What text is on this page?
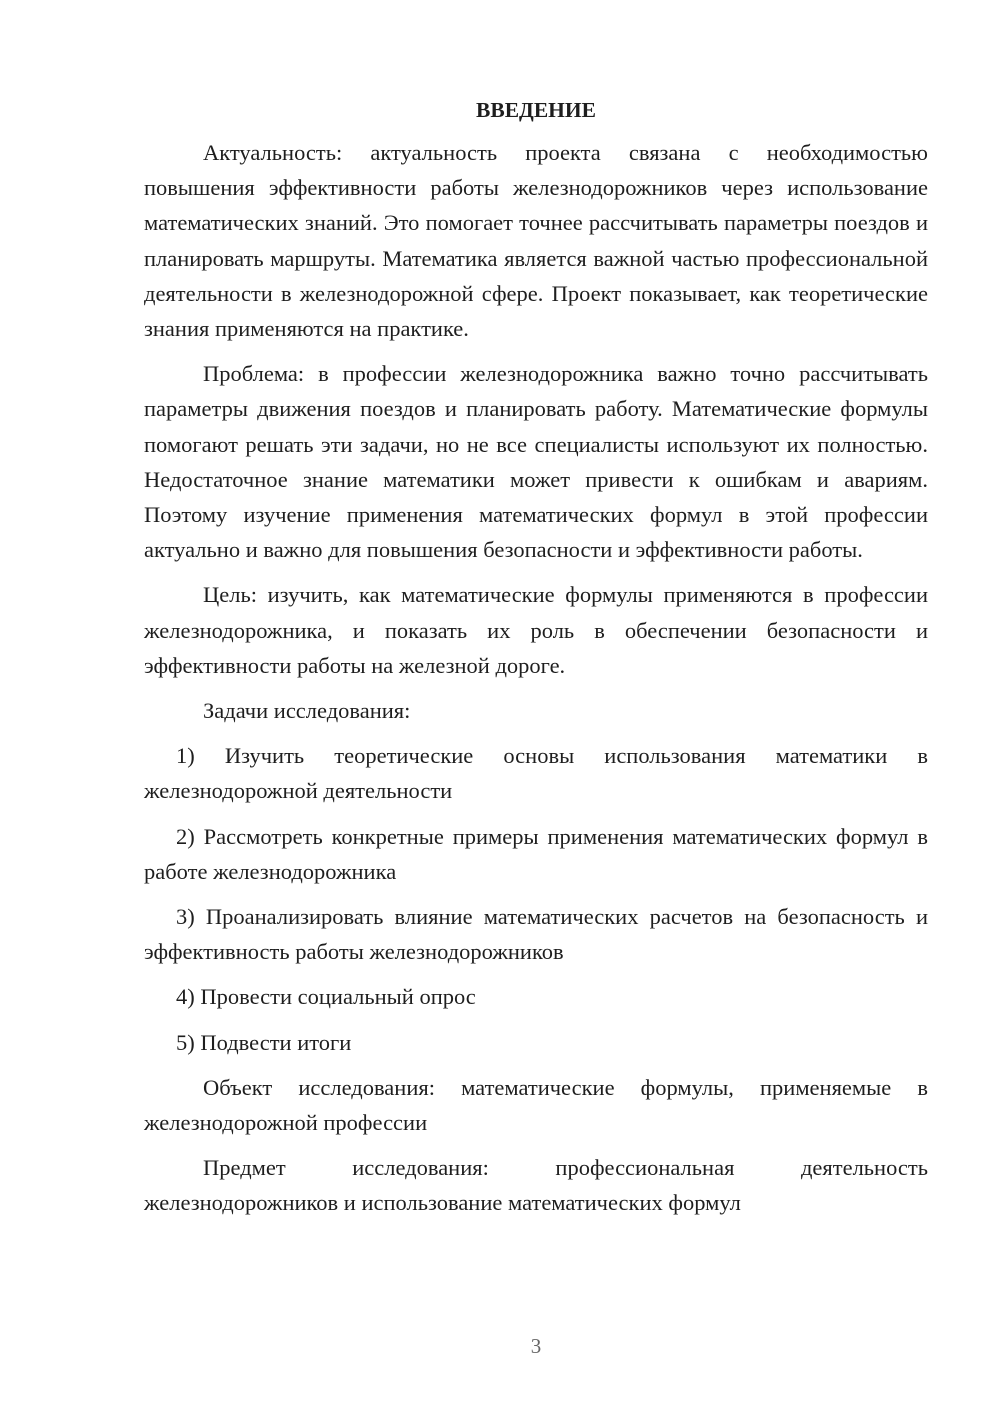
ВВЕДЕНИЕ

Актуальность: актуальность проекта связана с необходимостью повышения эффективности работы железнодорожников через использование математических знаний. Это помогает точнее рассчитывать параметры поездов и планировать маршруты. Математика является важной частью профессиональной деятельности в железнодорожной сфере. Проект показывает, как теоретические знания применяются на практике.

Проблема: в профессии железнодорожника важно точно рассчитывать параметры движения поездов и планировать работу. Математические формулы помогают решать эти задачи, но не все специалисты используют их полностью. Недостаточное знание математики может привести к ошибкам и авариям. Поэтому изучение применения математических формул в этой профессии актуально и важно для повышения безопасности и эффективности работы.

Цель: изучить, как математические формулы применяются в профессии железнодорожника, и показать их роль в обеспечении безопасности и эффективности работы на железной дороге.

Задачи исследования:

1) Изучить теоретические основы использования математики в железнодорожной деятельности

2) Рассмотреть конкретные примеры применения математических формул в работе железнодорожника

3) Проанализировать влияние математических расчетов на безопасность и эффективность работы железнодорожников

4) Провести социальный опрос

5) Подвести итоги

Объект исследования: математические формулы, применяемые в железнодорожной профессии

Предмет исследования: профессиональная деятельность железнодорожников и использование математических формул

3
